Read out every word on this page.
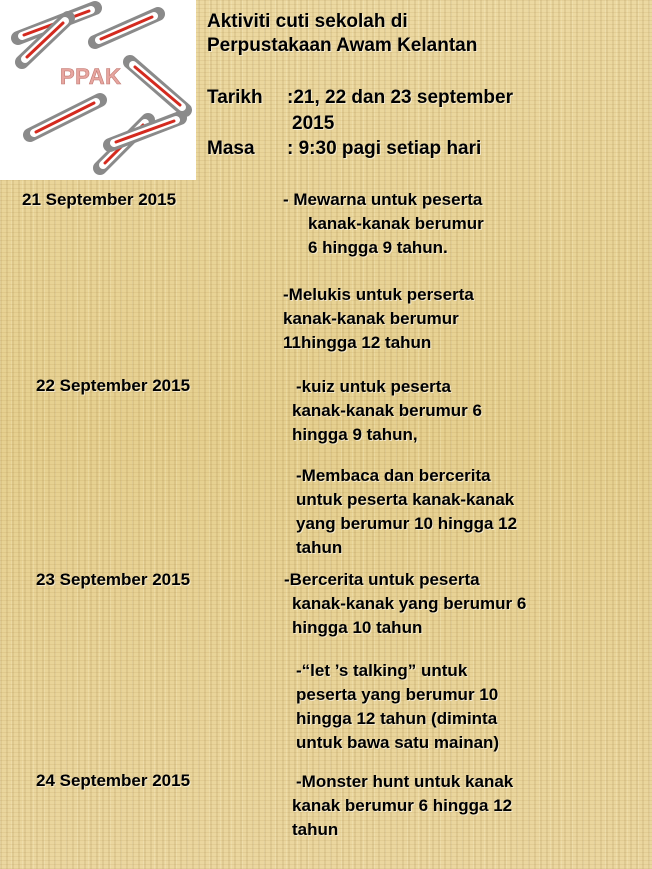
PPAK
Aktiviti cuti sekolah di
Perpustakaan Awam Kelantan
Tarikh :21, 22 dan 23 september
2015
Masa : 9:30 pagi setiap hari
21 September 2015	- Mewarna untuk peserta
kanak-kanak berumur
6 hingga 9 tahun.
-Melukis untuk perserta
kanak-kanak berumur
11hingga 12 tahun
22 September 2015	-kuiz untuk peserta
kanak-kanak berumur 6
hingga 9 tahun,
-Membaca dan bercerita
untuk peserta kanak-kanak
yang berumur 10 hingga 12
tahun
23 September 2015	-Bercerita untuk peserta
kanak-kanak yang berumur 6
hingga 10 tahun
-“let ’s talking” untuk
peserta yang berumur 10
hingga 12 tahun (diminta
untuk bawa satu mainan)
24 September 2015	-Monster hunt untuk kanak
kanak berumur 6 hingga 12
tahun
